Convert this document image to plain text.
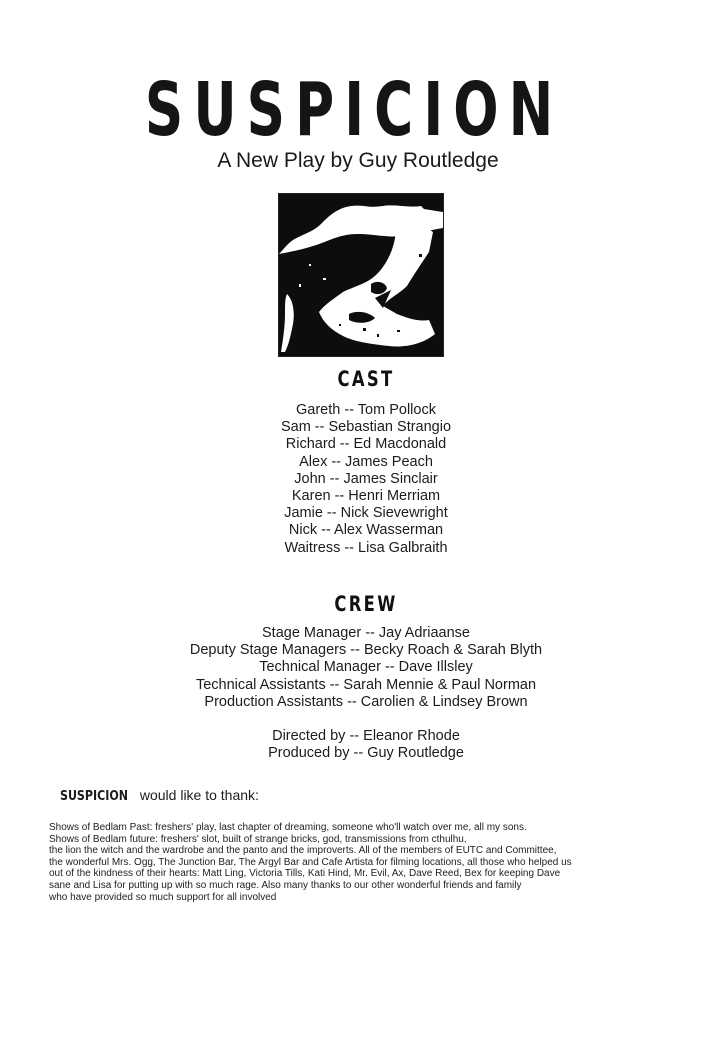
SUSPICION
A New Play by Guy Routledge
CAST
Gareth -- Tom Pollock
Sam -- Sebastian Strangio
Richard -- Ed Macdonald
Alex -- James Peach
John -- James Sinclair
Karen -- Henri Merriam
Jamie -- Nick Sievewright
Nick -- Alex Wasserman
Waitress -- Lisa Galbraith
CREW
Stage Manager -- Jay Adriaanse
Deputy Stage Managers -- Becky Roach & Sarah Blyth
Technical Manager -- Dave Illsley
Technical Assistants -- Sarah Mennie & Paul Norman
Production Assistants -- Carolien & Lindsey Brown
Directed by -- Eleanor Rhode
Produced by -- Guy Routledge
SUSPICION would like to thank:
Shows of Bedlam Past: freshers' play, last chapter of dreaming, someone who'll watch over me, all my sons.
Shows of Bedlam future: freshers' slot, built of strange bricks, god, transmissions from cthulhu,
the lion the witch and the wardrobe and the panto and the improverts. All of the members of EUTC and Committee,
the wonderful Mrs. Ogg, The Junction Bar, The Argyl Bar and Cafe Artista for filming locations, all those who helped us
out of the kindness of their hearts: Matt Ling, Victoria Tills, Kati Hind, Mr. Evil, Ax, Dave Reed, Bex for keeping Dave
sane and Lisa for putting up with so much rage. Also many thanks to our other wonderful friends and family
who have provided so much support for all involved
